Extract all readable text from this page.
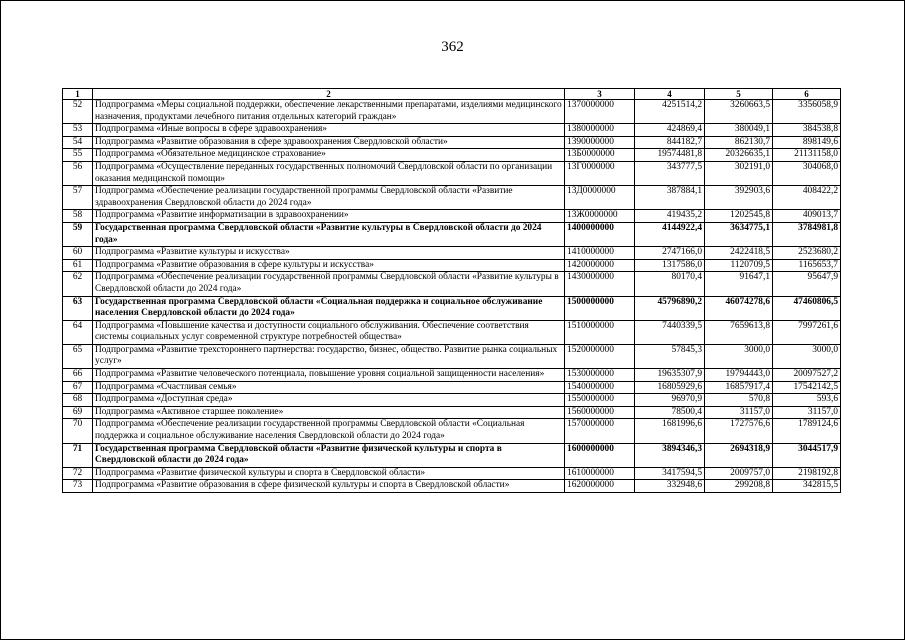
362
1	2	3	4	5	6
52	Подпрограмма «Меры социальной поддержки, обеспечение лекарственными препаратами, изделиями медицинского назначения, продуктами лечебного питания отдельных категорий граждан»	1370000000	4251514,2	3260663,5	3356058,9
53	Подпрограмма «Иные вопросы в сфере здравоохранения»	1380000000	424869,4	380049,1	384538,8
54	Подпрограмма «Развитие образования в сфере здравоохранения Свердловской области»	1390000000	844182,7	862130,7	898149,6
55	Подпрограмма «Обязательное медицинское страхование»	13Б0000000	19574481,8	20326635,1	21131158,0
56	Подпрограмма «Осуществление переданных государственных полномочий Свердловской области по организации оказания медицинской помощи»	13Г0000000	343777,5	302191,0	304068,0
57	Подпрограмма «Обеспечение реализации государственной программы Свердловской области «Развитие здравоохранения Свердловской области до 2024 года»	13Д0000000	387884,1	392903,6	408422,2
58	Подпрограмма «Развитие информатизации в здравоохранении»	13Ж0000000	419435,2	1202545,8	409013,7
59	Государственная программа Свердловской области «Развитие культуры в Свердловской области до 2024 года»	1400000000	4144922,4	3634775,1	3784981,8
60	Подпрограмма «Развитие культуры и искусства»	1410000000	2747166,0	2422418,5	2523680,2
61	Подпрограмма «Развитие образования в сфере культуры и искусства»	1420000000	1317586,0	1120709,5	1165653,7
62	Подпрограмма «Обеспечение реализации государственной программы Свердловской области «Развитие культуры в Свердловской области до 2024 года»	1430000000	80170,4	91647,1	95647,9
63	Государственная программа Свердловской области «Социальная поддержка и социальное обслуживание населения Свердловской области до 2024 года»	1500000000	45796890,2	46074278,6	47460806,5
64	Подпрограмма «Повышение качества и доступности социального обслуживания. Обеспечение соответствия системы социальных услуг современной структуре потребностей общества»	1510000000	7440339,5	7659613,8	7997261,6
65	Подпрограмма «Развитие трехстороннего партнерства: государство, бизнес, общество. Развитие рынка социальных услуг»	1520000000	57845,3	3000,0	3000,0
66	Подпрограмма «Развитие человеческого потенциала, повышение уровня социальной защищенности населения»	1530000000	19635307,9	19794443,0	20097527,2
67	Подпрограмма «Счастливая семья»	1540000000	16805929,6	16857917,4	17542142,5
68	Подпрограмма «Доступная среда»	1550000000	96970,9	570,8	593,6
69	Подпрограмма «Активное старшее поколение»	1560000000	78500,4	31157,0	31157,0
70	Подпрограмма «Обеспечение реализации государственной программы Свердловской области «Социальная поддержка и социальное обслуживание населения Свердловской области до 2024 года»	1570000000	1681996,6	1727576,6	1789124,6
71	Государственная программа Свердловской области «Развитие физической культуры и спорта в Свердловской области до 2024 года»	1600000000	3894346,3	2694318,9	3044517,9
72	Подпрограмма «Развитие физической культуры и спорта в Свердловской области»	1610000000	3417594,5	2009757,0	2198192,8
73	Подпрограмма «Развитие образования в сфере физической культуры и спорта в Свердловской области»	1620000000	332948,6	299208,8	342815,5
